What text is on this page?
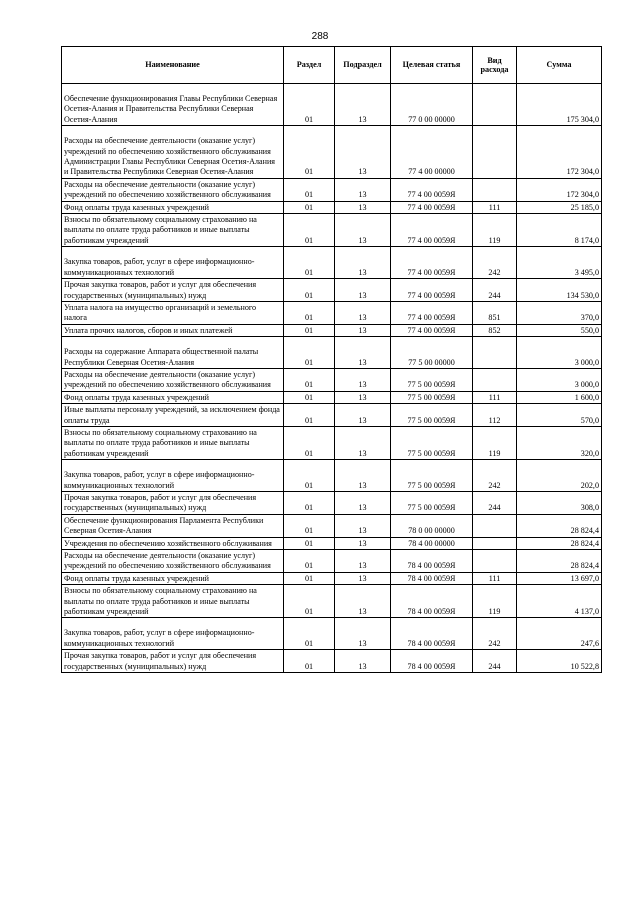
288
Наименование	Раздел	Подраздел	Целевая статья	Вид расхода	Сумма
Обеспечение функционирования Главы Республики Северная Осетия-Алания и Правительства Республики Северная Осетия-Алания	01	13	77 0 00 00000		175 304,0
Расходы на обеспечение деятельности (оказание услуг) учреждений по обеспечению хозяйственного обслуживания Администрации Главы Республики Северная Осетия-Алания и Правительства Республики Северная Осетия-Алания	01	13	77 4 00 00000		172 304,0
Расходы на обеспечение деятельности (оказание услуг) учреждений по обеспечению хозяйственного обслуживания	01	13	77 4 00 0059Я		172 304,0
Фонд оплаты труда казенных учреждений	01	13	77 4 00 0059Я	111	25 185,0
Взносы по обязательному социальному страхованию на выплаты по оплате труда работников и иные выплаты работникам учреждений	01	13	77 4 00 0059Я	119	8 174,0
Закупка товаров, работ, услуг в сфере информационно-коммуникационных технологий	01	13	77 4 00 0059Я	242	3 495,0
Прочая закупка товаров, работ и услуг для обеспечения государственных (муниципальных) нужд	01	13	77 4 00 0059Я	244	134 530,0
Уплата налога на имущество организаций и земельного налога	01	13	77 4 00 0059Я	851	370,0
Уплата прочих налогов, сборов и иных платежей	01	13	77 4 00 0059Я	852	550,0
Расходы на содержание Аппарата общественной палаты Республики Северная Осетия-Алания	01	13	77 5 00 00000		3 000,0
Расходы на обеспечение деятельности (оказание услуг) учреждений по обеспечению хозяйственного обслуживания	01	13	77 5 00 0059Я		3 000,0
Фонд оплаты труда казенных учреждений	01	13	77 5 00 0059Я	111	1 600,0
Иные выплаты персоналу учреждений, за исключением фонда оплаты труда	01	13	77 5 00 0059Я	112	570,0
Взносы по обязательному социальному страхованию на выплаты по оплате труда работников и иные выплаты работникам учреждений	01	13	77 5 00 0059Я	119	320,0
Закупка товаров, работ, услуг в сфере информационно-коммуникационных технологий	01	13	77 5 00 0059Я	242	202,0
Прочая закупка товаров, работ и услуг для обеспечения государственных (муниципальных) нужд	01	13	77 5 00 0059Я	244	308,0
Обеспечение функционирования Парламента Республики Северная Осетия-Алания	01	13	78 0 00 00000		28 824,4
Учреждения по обеспечению хозяйственного обслуживания	01	13	78 4 00 00000		28 824,4
Расходы на обеспечение деятельности (оказание услуг) учреждений по обеспечению хозяйственного обслуживания	01	13	78 4 00 0059Я		28 824,4
Фонд оплаты труда казенных учреждений	01	13	78 4 00 0059Я	111	13 697,0
Взносы по обязательному социальному страхованию на выплаты по оплате труда работников и иные выплаты работникам учреждений	01	13	78 4 00 0059Я	119	4 137,0
Закупка товаров, работ, услуг в сфере информационно-коммуникационных технологий	01	13	78 4 00 0059Я	242	247,6
Прочая закупка товаров, работ и услуг для обеспечения государственных (муниципальных) нужд	01	13	78 4 00 0059Я	244	10 522,8
